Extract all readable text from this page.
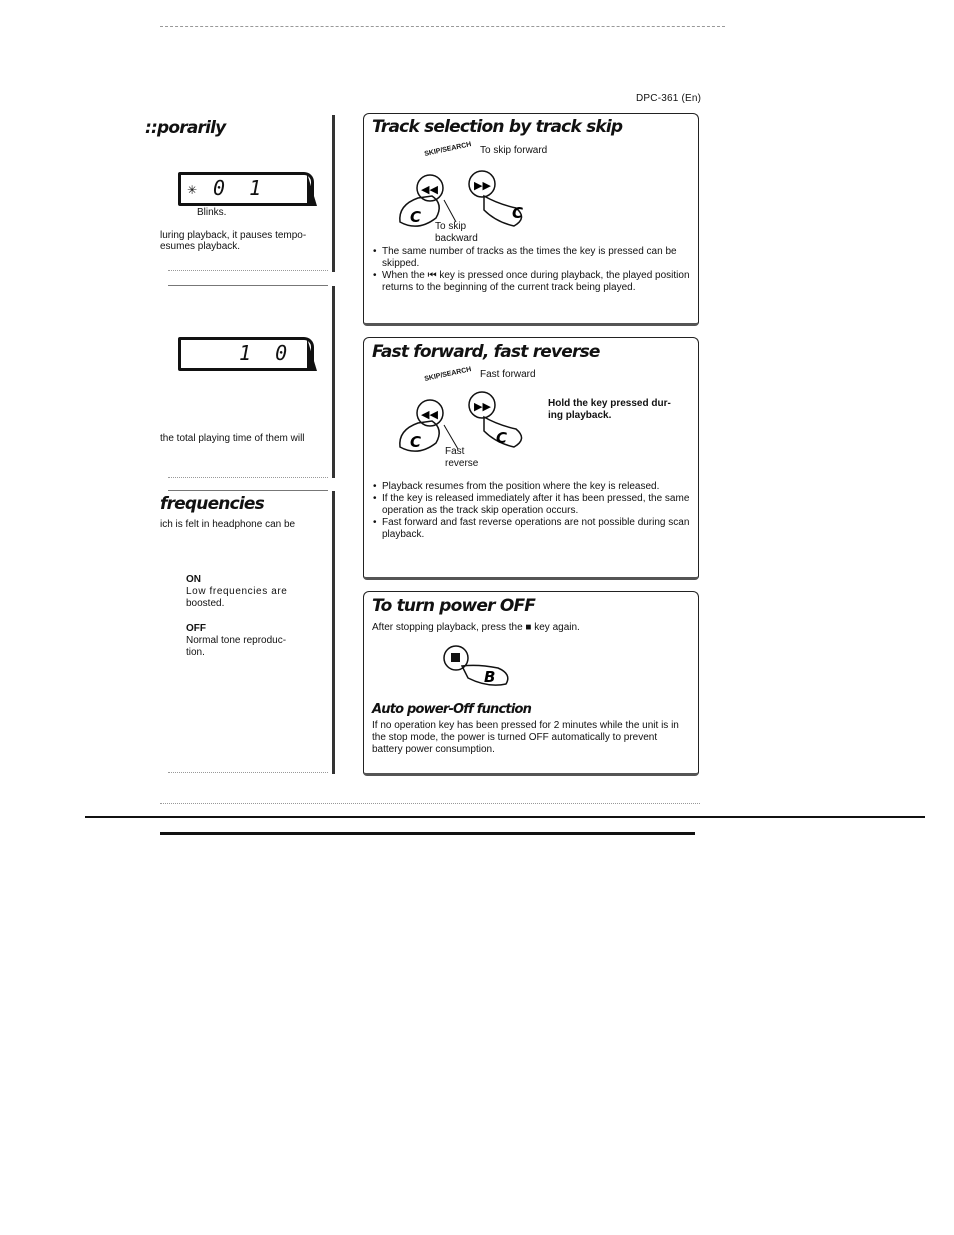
DPC-361 (En)
::porarily
0 1
✳
Blinks.
luring playback, it pauses tempo-
esumes playback.
1 0
the total playing time of them will
frequencies
ich is felt in headphone can be
ON
Low frequencies are
boosted.
OFF
Normal tone reproduc-
tion.
Track selection by track skip
SKIP/SEARCH To skip forward
◀◀	▶▶
C	C
To skip
backward
• The same number of tracks as the times the key is pressed can be skipped.
• When the ⏮ key is pressed once during playback, the played position returns to the beginning of the current track being played.
Fast forward, fast reverse
SKIP/SEARCH Fast forward
◀◀
▶▶
C	C
Hold the key pressed dur-
ing playback.
Fast
reverse
• Playback resumes from the position where the key is released.
• If the key is released immediately after it has been pressed, the same operation as the track skip operation occurs.
• Fast forward and fast reverse operations are not possible during scan playback.
To turn power OFF
After stopping playback, press the ■ key again.
B
Auto power-Off function
If no operation key has been pressed for 2 minutes while the unit is in the stop mode, the power is turned OFF automatically to prevent battery power consumption.
